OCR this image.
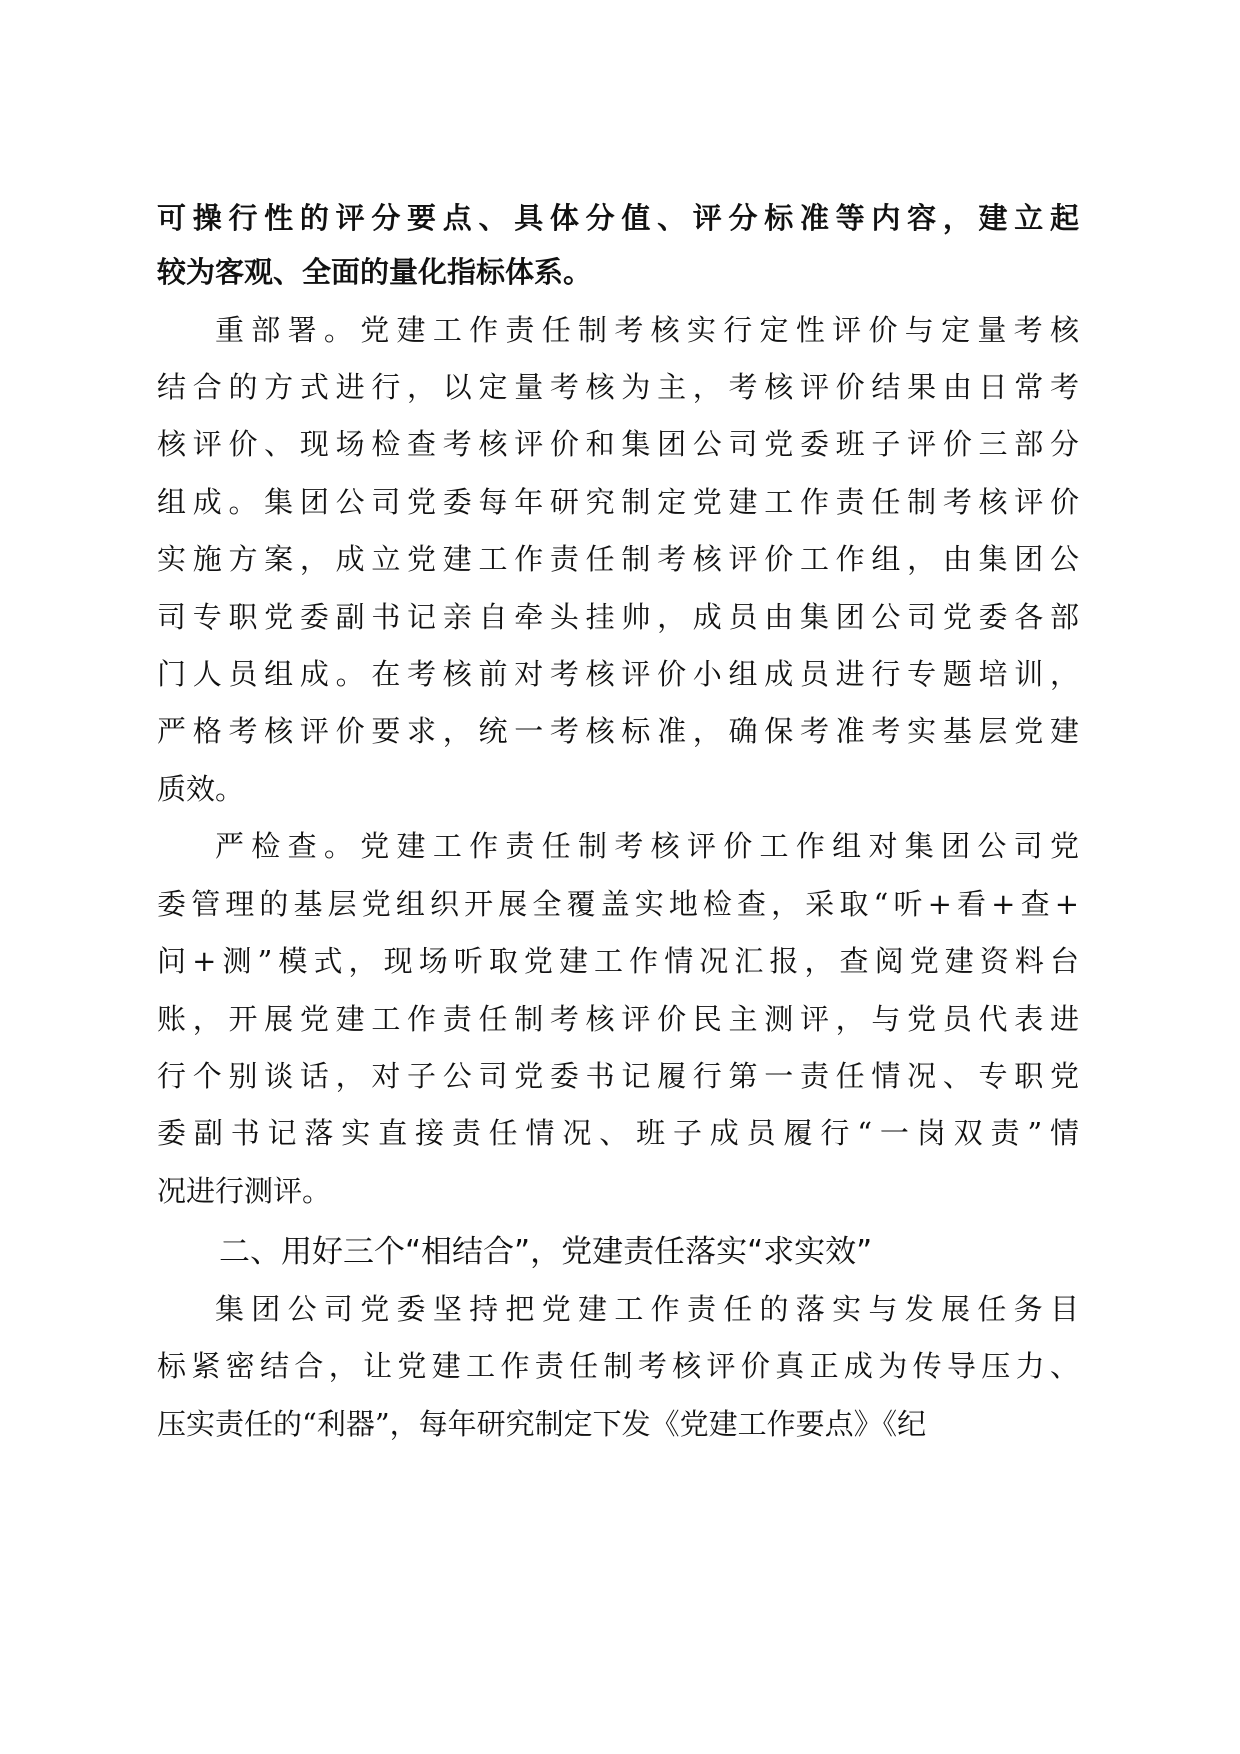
可操行性的评分要点、具体分值、评分标准等内容，建立起
较为客观、全面的量化指标体系。
重部署。党建工作责任制考核实行定性评价与定量考核
结合的方式进行，以定量考核为主，考核评价结果由日常考
核评价、现场检查考核评价和集团公司党委班子评价三部分
组成。集团公司党委每年研究制定党建工作责任制考核评价
实施方案，成立党建工作责任制考核评价工作组，由集团公
司专职党委副书记亲自牵头挂帅，成员由集团公司党委各部
门人员组成。在考核前对考核评价小组成员进行专题培训，
严格考核评价要求，统一考核标准，确保考准考实基层党建
质效。
严检查。党建工作责任制考核评价工作组对集团公司党
委管理的基层党组织开展全覆盖实地检查，采取“听+看+查+
问+测”模式，现场听取党建工作情况汇报，查阅党建资料台
账，开展党建工作责任制考核评价民主测评，与党员代表进
行个别谈话，对子公司党委书记履行第一责任情况、专职党
委副书记落实直接责任情况、班子成员履行“一岗双责”情
况进行测评。
二、用好三个“相结合”，党建责任落实“求实效”
集团公司党委坚持把党建工作责任的落实与发展任务目
标紧密结合，让党建工作责任制考核评价真正成为传导压力、
压实责任的“利器”，每年研究制定下发《党建工作要点》《纪
